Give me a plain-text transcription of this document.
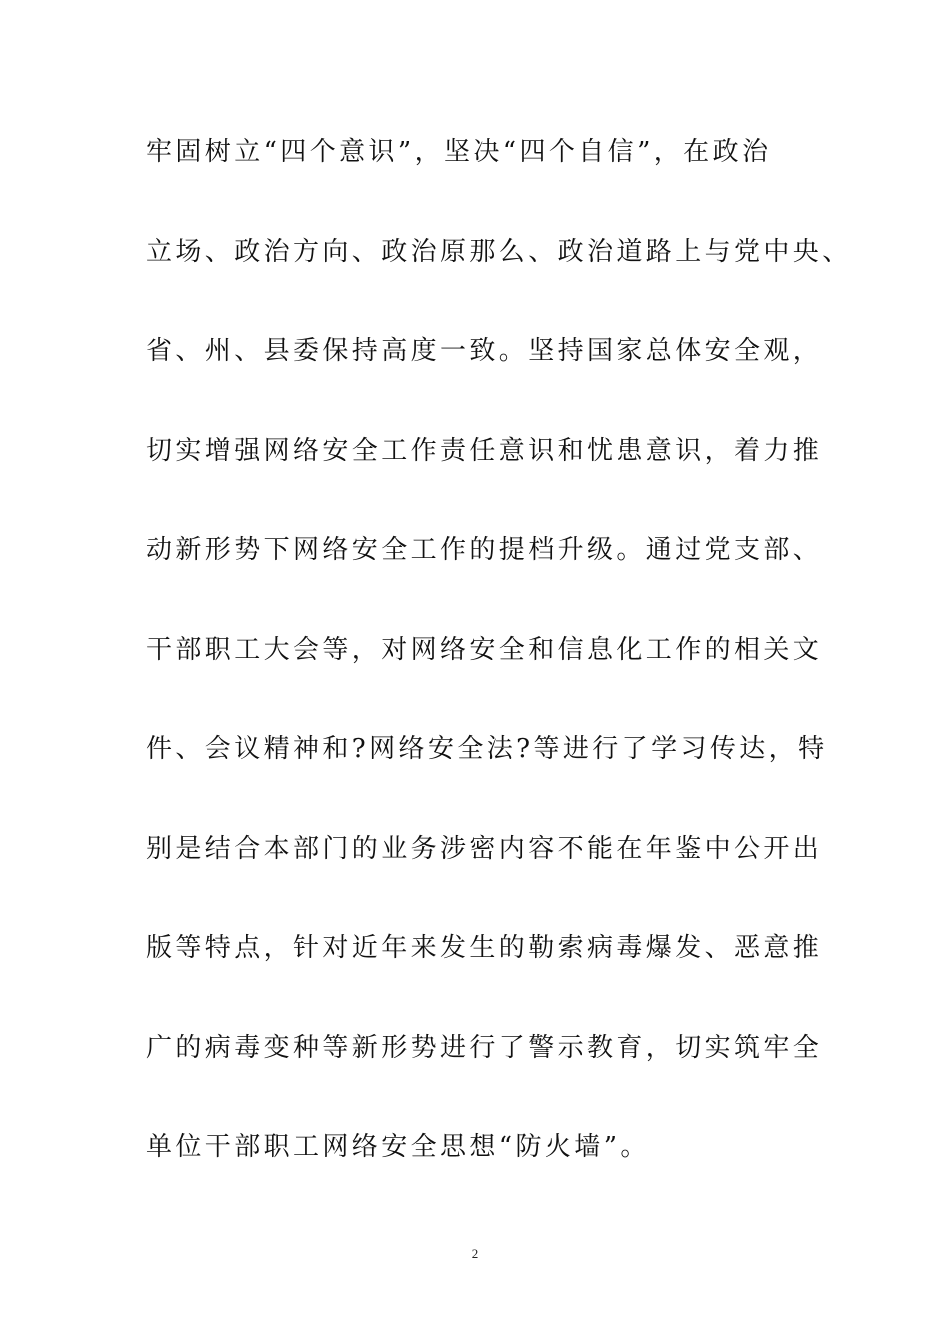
牢固树立“四个意识”，坚决“四个自信”，在政治
立场、政治方向、政治原那么、政治道路上与党中央、
省、州、县委保持高度一致。坚持国家总体安全观，
切实增强网络安全工作责任意识和忧患意识，着力推
动新形势下网络安全工作的提档升级。通过党支部、
干部职工大会等，对网络安全和信息化工作的相关文
件、会议精神和?网络安全法?等进行了学习传达，特
别是结合本部门的业务涉密内容不能在年鉴中公开出
版等特点，针对近年来发生的勒索病毒爆发、恶意推
广的病毒变种等新形势进行了警示教育，切实筑牢全
单位干部职工网络安全思想“防火墙”。
2
